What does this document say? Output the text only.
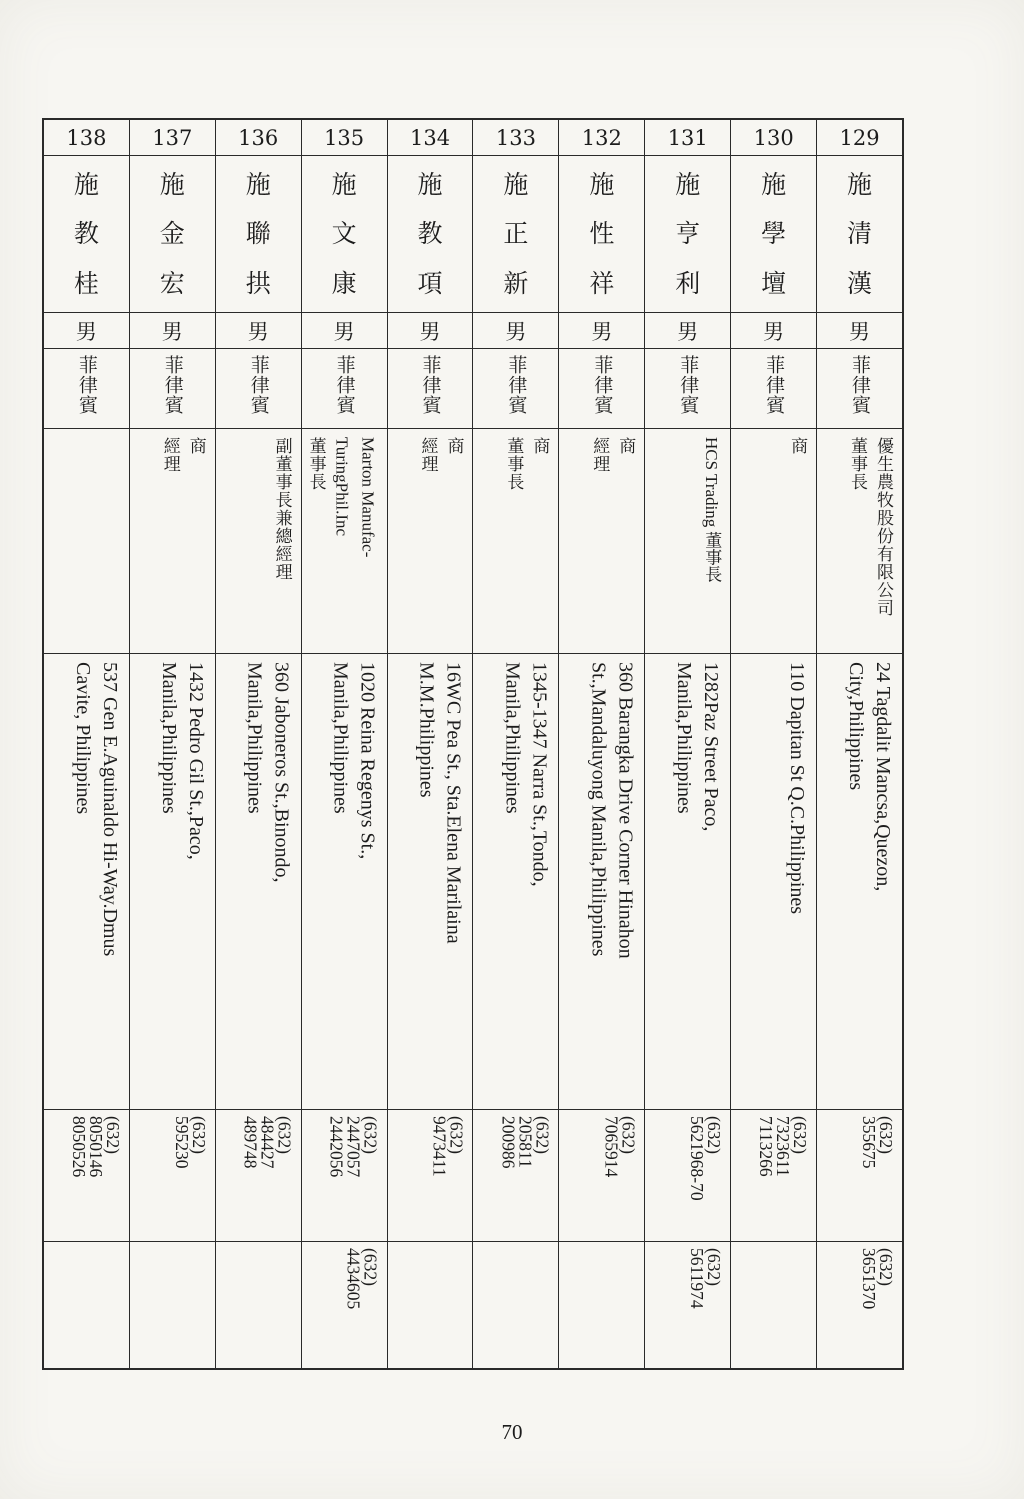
129
施
清
漢
男
菲律賓
優生農牧股份有限公司
董事長
24 Tagdalit Mancsa,Quezon,
City,Philippines
(632)
355675
(632)
3651370
130
施
學
壇
男
菲律賓
商
110 Dapitan St Q.C.Philippines
(632)
7323611
7113266
131
施
亨
利
男
菲律賓
HCS Trading 董事長
1282Paz Street Paco,
Manila,Philippines
(632)
5621968-70
(632)
5611974
132
施
性
祥
男
菲律賓
商
經理
360 Barangka Drive Corner Hinahon
St.,Mandaluyong Manila,Philippines
(632)
7065914
133
施
正
新
男
菲律賓
商
董事長
1345-1347 Narra St.,Tondo,
Manila,Philippines
(632)
205811
200986
134
施
教
項
男
菲律賓
商
經理
16WC Pea St., Sta.Elena Marilaina
M.M.Philippines
(632)
9473411
135
施
文
康
男
菲律賓
Marton Manufac-
TuringPhil.Inc
董事長
1020 Reina Regenys St.,
Manila,Philippines
(632)
2447057
2442056
(632)
4434605
136
施
聯
拱
男
菲律賓
副董事長兼總經理
360 Jaboneros St.,Binondo,
Manila,Philippines
(632)
484427
489748
137
施
金
宏
男
菲律賓
商
經理
1432 Pedro Gil St.,Paco,
Manila,Philippines
(632)
595230
138
施
教
桂
男
菲律賓
537 Gen E.Aguinaldo Hi-Way.Dmus
Cavite, Philippines
(632)
8050146
8050526
70
